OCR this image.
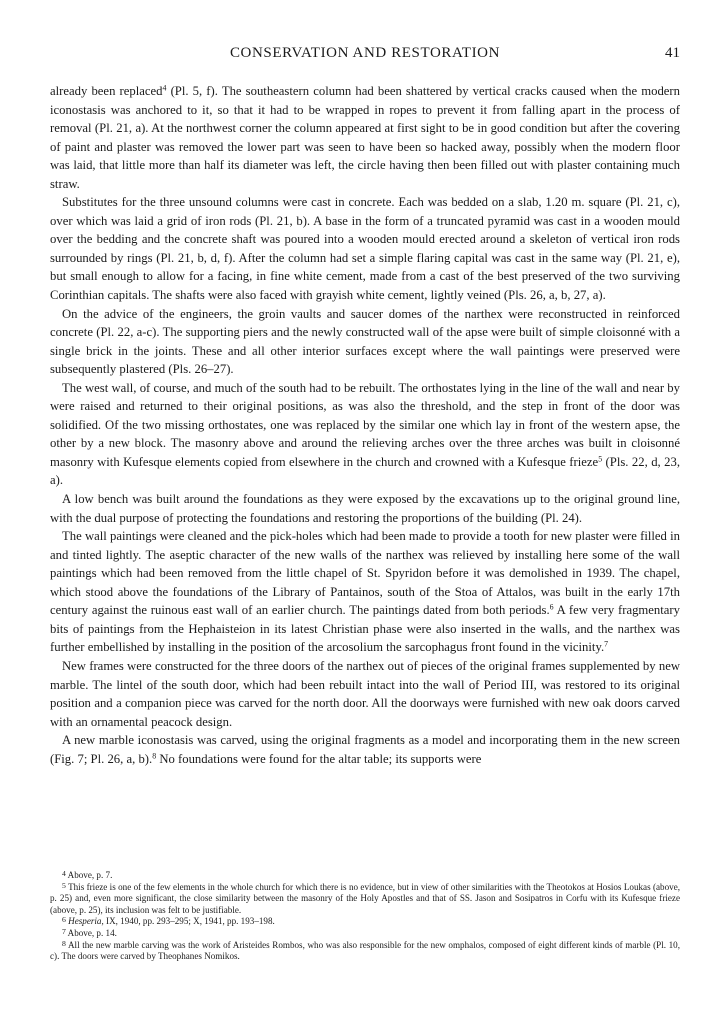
CONSERVATION AND RESTORATION	41

already been replaced$^4$ (Pl. 5, f). The southeastern column had been shattered by vertical cracks caused when the modern iconostasis was anchored to it, so that it had to be wrapped in ropes to prevent it from falling apart in the process of removal (Pl. 21, a). At the northwest corner the column appeared at first sight to be in good condition but after the covering of paint and plaster was removed the lower part was seen to have been so hacked away, possibly when the modern floor was laid, that little more than half its diameter was left, the circle having then been filled out with plaster containing much straw.

Substitutes for the three unsound columns were cast in concrete. Each was bedded on a slab, 1.20 m. square (Pl. 21, c), over which was laid a grid of iron rods (Pl. 21, b). A base in the form of a truncated pyramid was cast in a wooden mould over the bedding and the concrete shaft was poured into a wooden mould erected around a skeleton of vertical iron rods surrounded by rings (Pl. 21, b, d, f). After the column had set a simple flaring capital was cast in the same way (Pl. 21, e), but small enough to allow for a facing, in fine white cement, made from a cast of the best preserved of the two surviving Corinthian capitals. The shafts were also faced with grayish white cement, lightly veined (Pls. 26, a, b, 27, a).

On the advice of the engineers, the groin vaults and saucer domes of the narthex were reconstructed in reinforced concrete (Pl. 22, a-c). The supporting piers and the newly constructed wall of the apse were built of simple cloisonné with a single brick in the joints. These and all other interior surfaces except where the wall paintings were preserved were subsequently plastered (Pls. 26–27).

The west wall, of course, and much of the south had to be rebuilt. The orthostates lying in the line of the wall and near by were raised and returned to their original positions, as was also the threshold, and the step in front of the door was solidified. Of the two missing orthostates, one was replaced by the similar one which lay in front of the western apse, the other by a new block. The masonry above and around the relieving arches over the three arches was built in cloisonné masonry with Kufesque elements copied from elsewhere in the church and crowned with a Kufesque frieze$^5$ (Pls. 22, d, 23, a).

A low bench was built around the foundations as they were exposed by the excavations up to the original ground line, with the dual purpose of protecting the foundations and restoring the proportions of the building (Pl. 24).

The wall paintings were cleaned and the pick-holes which had been made to provide a tooth for new plaster were filled in and tinted lightly. The aseptic character of the new walls of the narthex was relieved by installing here some of the wall paintings which had been removed from the little chapel of St. Spyridon before it was demolished in 1939. The chapel, which stood above the foundations of the Library of Pantainos, south of the Stoa of Attalos, was built in the early 17th century against the ruinous east wall of an earlier church. The paintings dated from both periods.$^6$ A few very fragmentary bits of paintings from the Hephaisteion in its latest Christian phase were also inserted in the walls, and the narthex was further embellished by installing in the position of the arcosolium the sarcophagus front found in the vicinity.$^7$

New frames were constructed for the three doors of the narthex out of pieces of the original frames supplemented by new marble. The lintel of the south door, which had been rebuilt intact into the wall of Period III, was restored to its original position and a companion piece was carved for the north door. All the doorways were furnished with new oak doors carved with an ornamental peacock design.

A new marble iconostasis was carved, using the original fragments as a model and incorporating them in the new screen (Fig. 7; Pl. 26, a, b).$^8$ No foundations were found for the altar table; its supports were

$^4$ Above, p. 7.

$^5$ This frieze is one of the few elements in the whole church for which there is no evidence, but in view of other similarities with the Theotokos at Hosios Loukas (above, p. 25) and, even more significant, the close similarity between the masonry of the Holy Apostles and that of SS. Jason and Sosipatros in Corfu with its Kufesque frieze (above, p. 25), its inclusion was felt to be justifiable.

$^6$ Hesperia, IX, 1940, pp. 293–295; X, 1941, pp. 193–198.

$^7$ Above, p. 14.

$^8$ All the new marble carving was the work of Aristeides Rombos, who was also responsible for the new omphalos, composed of eight different kinds of marble (Pl. 10, c). The doors were carved by Theophanes Nomikos.
